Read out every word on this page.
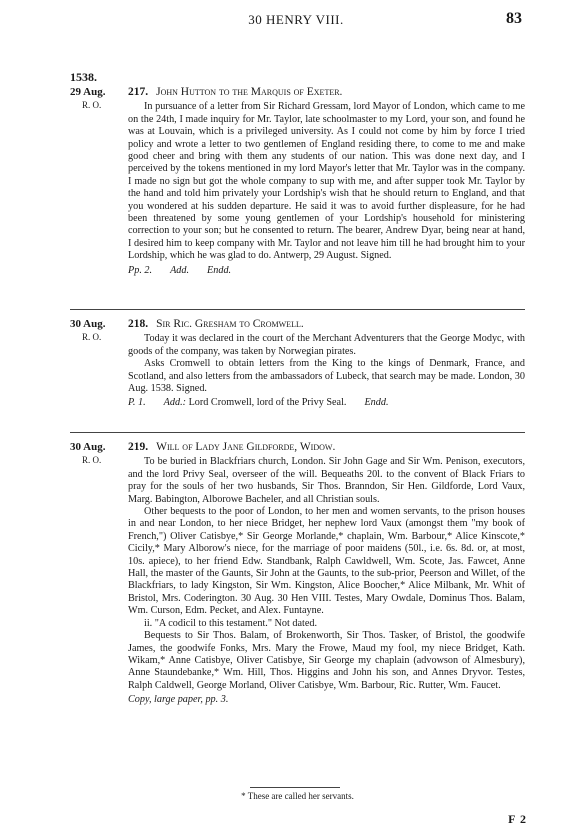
30 HENRY VIII.	83
1538.
29 Aug.
R. O.
217. John Hutton to the Marquis of Exeter.

In pursuance of a letter from Sir Richard Gressam, lord Mayor of London, which came to me on the 24th, I made inquiry for Mr. Taylor, late schoolmaster to my Lord, your son, and found he was at Louvain, which is a privileged university. As I could not come by him by force I tried policy and wrote a letter to two gentlemen of England residing there, to come to me and make good cheer and bring with them any students of our nation. This was done next day, and I perceived by the tokens mentioned in my lord Mayor's letter that Mr. Taylor was in the company. I made no sign but got the whole company to sup with me, and after supper took Mr. Taylor by the hand and told him privately your Lordship's wish that he should return to England, and that you wondered at his sudden departure. He said it was to avoid further displeasure, for he had been threatened by some young gentlemen of your Lordship's household for ministering correction to your son; but he consented to return. The bearer, Andrew Dyar, being near at hand, I desired him to keep company with Mr. Taylor and not leave him till he had brought him to your Lordship, which he was glad to do. Antwerp, 29 August. Signed.

Pp. 2. Add. Endd.

30 Aug.
R. O.
218. Sir Ric. Gresham to Cromwell.

Today it was declared in the court of the Merchant Adventurers that the George Modyc, with goods of the company, was taken by Norwegian pirates.

Asks Cromwell to obtain letters from the King to the kings of Denmark, France, and Scotland, and also letters from the ambassadors of Lubeck, that search may be made. London, 30 Aug. 1538. Signed.

P. 1. Add.: Lord Cromwell, lord of the Privy Seal. Endd.

30 Aug.
R. O.
219. Will of Lady Jane Gildforde, Widow.

To be buried in Blackfriars church, London. Sir John Gage and Sir Wm. Penison, executors, and the lord Privy Seal, overseer of the will. Bequeaths 20l. to the convent of Black Friars to pray for the souls of her two husbands, Sir Thos. Branndon, Sir Hen. Gildforde, Lord Vaux, Marg. Babington, Alborowe Bacheler, and all Christian souls.

Other bequests to the poor of London, to her men and women servants, to the prison houses in and near London, to her niece Bridget, her nephew lord Vaux (amongst them "my book of French,") Oliver Catisbye,* Sir George Morlande,* chaplain, Wm. Barbour,* Alice Kinscote,* Cicily,* Mary Alborow's niece, for the marriage of poor maidens (50l., i.e. 6s. 8d. or, at most, 10s. apiece), to her friend Edw. Standbank, Ralph Cawldwell, Wm. Scote, Jas. Fawcet, Anne Hall, the master of the Gaunts, Sir John at the Gaunts, to the sub-prior, Peerson and Willet, of the Blackfriars, to lady Kingston, Sir Wm. Kingston, Alice Boocher,* Alice Milbank, Mr. Whit of Bristol, Mrs. Coderington. 30 Aug. 30 Hen VIII. Testes, Mary Owdale, Dominus Thos. Balam, Wm. Curson, Edm. Pecket, and Alex. Funtayne.

ii. "A codicil to this testament." Not dated.

Bequests to Sir Thos. Balam, of Brokenworth, Sir Thos. Tasker, of Bristol, the goodwife James, the goodwife Fonks, Mrs. Mary the Frowe, Maud my fool, my niece Bridget, Kath. Wikam,* Anne Catisbye, Oliver Catisbye, Sir George my chaplain (advowson of Almesbury), Anne Staundebanke,* Wm. Hill, Thos. Higgins and John his son, and Annes Dryvor. Testes, Ralph Caldwell, George Morland, Oliver Catisbye, Wm. Barbour, Ric. Rutter, Wm. Faucet.

Copy, large paper, pp. 3.

* These are called her servants.
F 2
